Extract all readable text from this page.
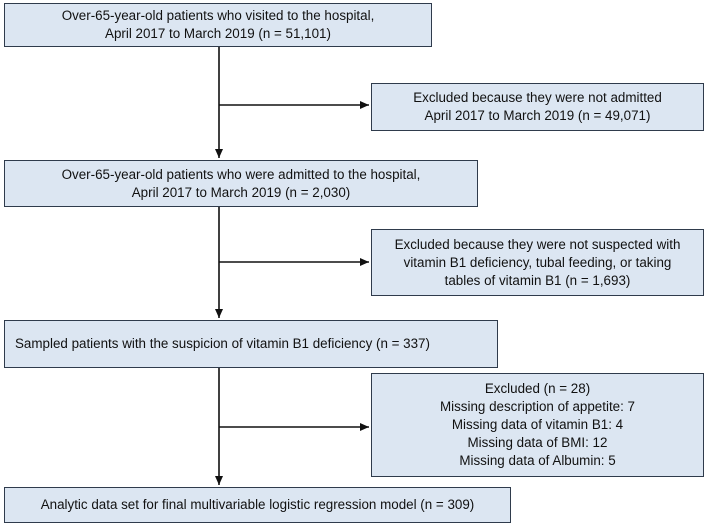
Over-65-year-old patients who visited to the hospital,
April 2017 to March 2019 (n = 51,101)
Excluded because they were not admitted
April 2017 to March 2019 (n = 49,071)
Over-65-year-old patients who were admitted to the hospital,
April 2017 to March 2019 (n = 2,030)
Excluded because they were not suspected with
vitamin B1 deficiency, tubal feeding, or taking
tables of vitamin B1 (n = 1,693)
Sampled patients with the suspicion of vitamin B1 deficiency (n = 337)
Excluded (n = 28)
Missing description of appetite: 7
Missing data of vitamin B1: 4
Missing data of BMI: 12
Missing data of Albumin: 5
Analytic data set for final multivariable logistic regression model (n = 309)
